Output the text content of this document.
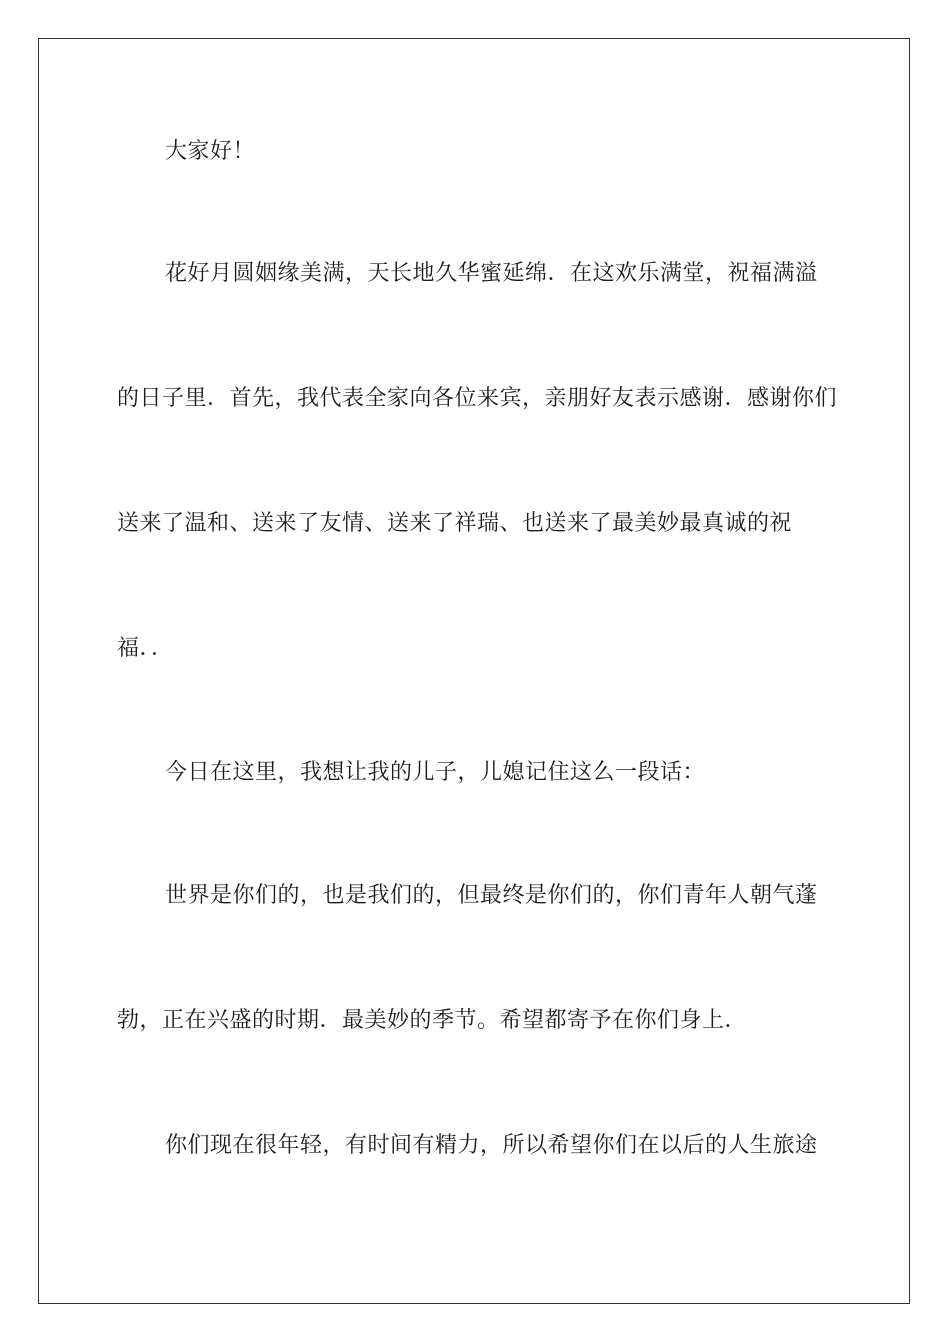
大家好！
花好月圆姻缘美满，天长地久华蜜延绵．在这欢乐满堂，祝福满溢
的日子里．首先，我代表全家向各位来宾，亲朋好友表示感谢．感谢你们
送来了温和、送来了友情、送来了祥瑞、也送来了最美妙最真诚的祝
福．．
今日在这里，我想让我的儿子，儿媳记住这么一段话：
世界是你们的，也是我们的，但最终是你们的，你们青年人朝气蓬
勃，正在兴盛的时期．最美妙的季节。希望都寄予在你们身上．
你们现在很年轻，有时间有精力，所以希望你们在以后的人生旅途
